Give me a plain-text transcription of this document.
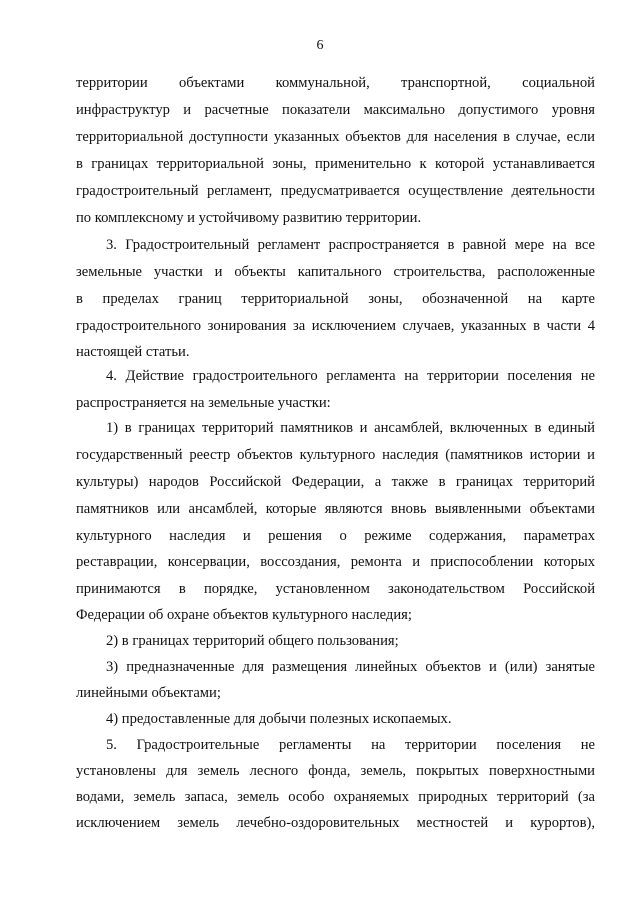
6
территории объектами коммунальной, транспортной, социальной
инфраструктур и расчетные показатели максимально допустимого уровня
территориальной доступности указанных объектов для населения в случае, если
в границах территориальной зоны, применительно к которой устанавливается
градостроительный регламент, предусматривается осуществление деятельности
по комплексному и устойчивому развитию территории.
3. Градостроительный регламент распространяется в равной мере на все
земельные участки и объекты капитального строительства, расположенные
в пределах границ территориальной зоны, обозначенной на карте
градостроительного зонирования за исключением случаев, указанных в части 4
настоящей статьи.
4. Действие градостроительного регламента на территории поселения не
распространяется на земельные участки:
1) в границах территорий памятников и ансамблей, включенных в единый
государственный реестр объектов культурного наследия (памятников истории и
культуры) народов Российской Федерации, а также в границах территорий
памятников или ансамблей, которые являются вновь выявленными объектами
культурного наследия и решения о режиме содержания, параметрах
реставрации, консервации, воссоздания, ремонта и приспособлении которых
принимаются в порядке, установленном законодательством Российской
Федерации об охране объектов культурного наследия;
2) в границах территорий общего пользования;
3) предназначенные для размещения линейных объектов и (или) занятые
линейными объектами;
4) предоставленные для добычи полезных ископаемых.
5. Градостроительные регламенты на территории поселения не
установлены для земель лесного фонда, земель, покрытых поверхностными
водами, земель запаса, земель особо охраняемых природных территорий (за
исключением земель лечебно-оздоровительных местностей и курортов),
